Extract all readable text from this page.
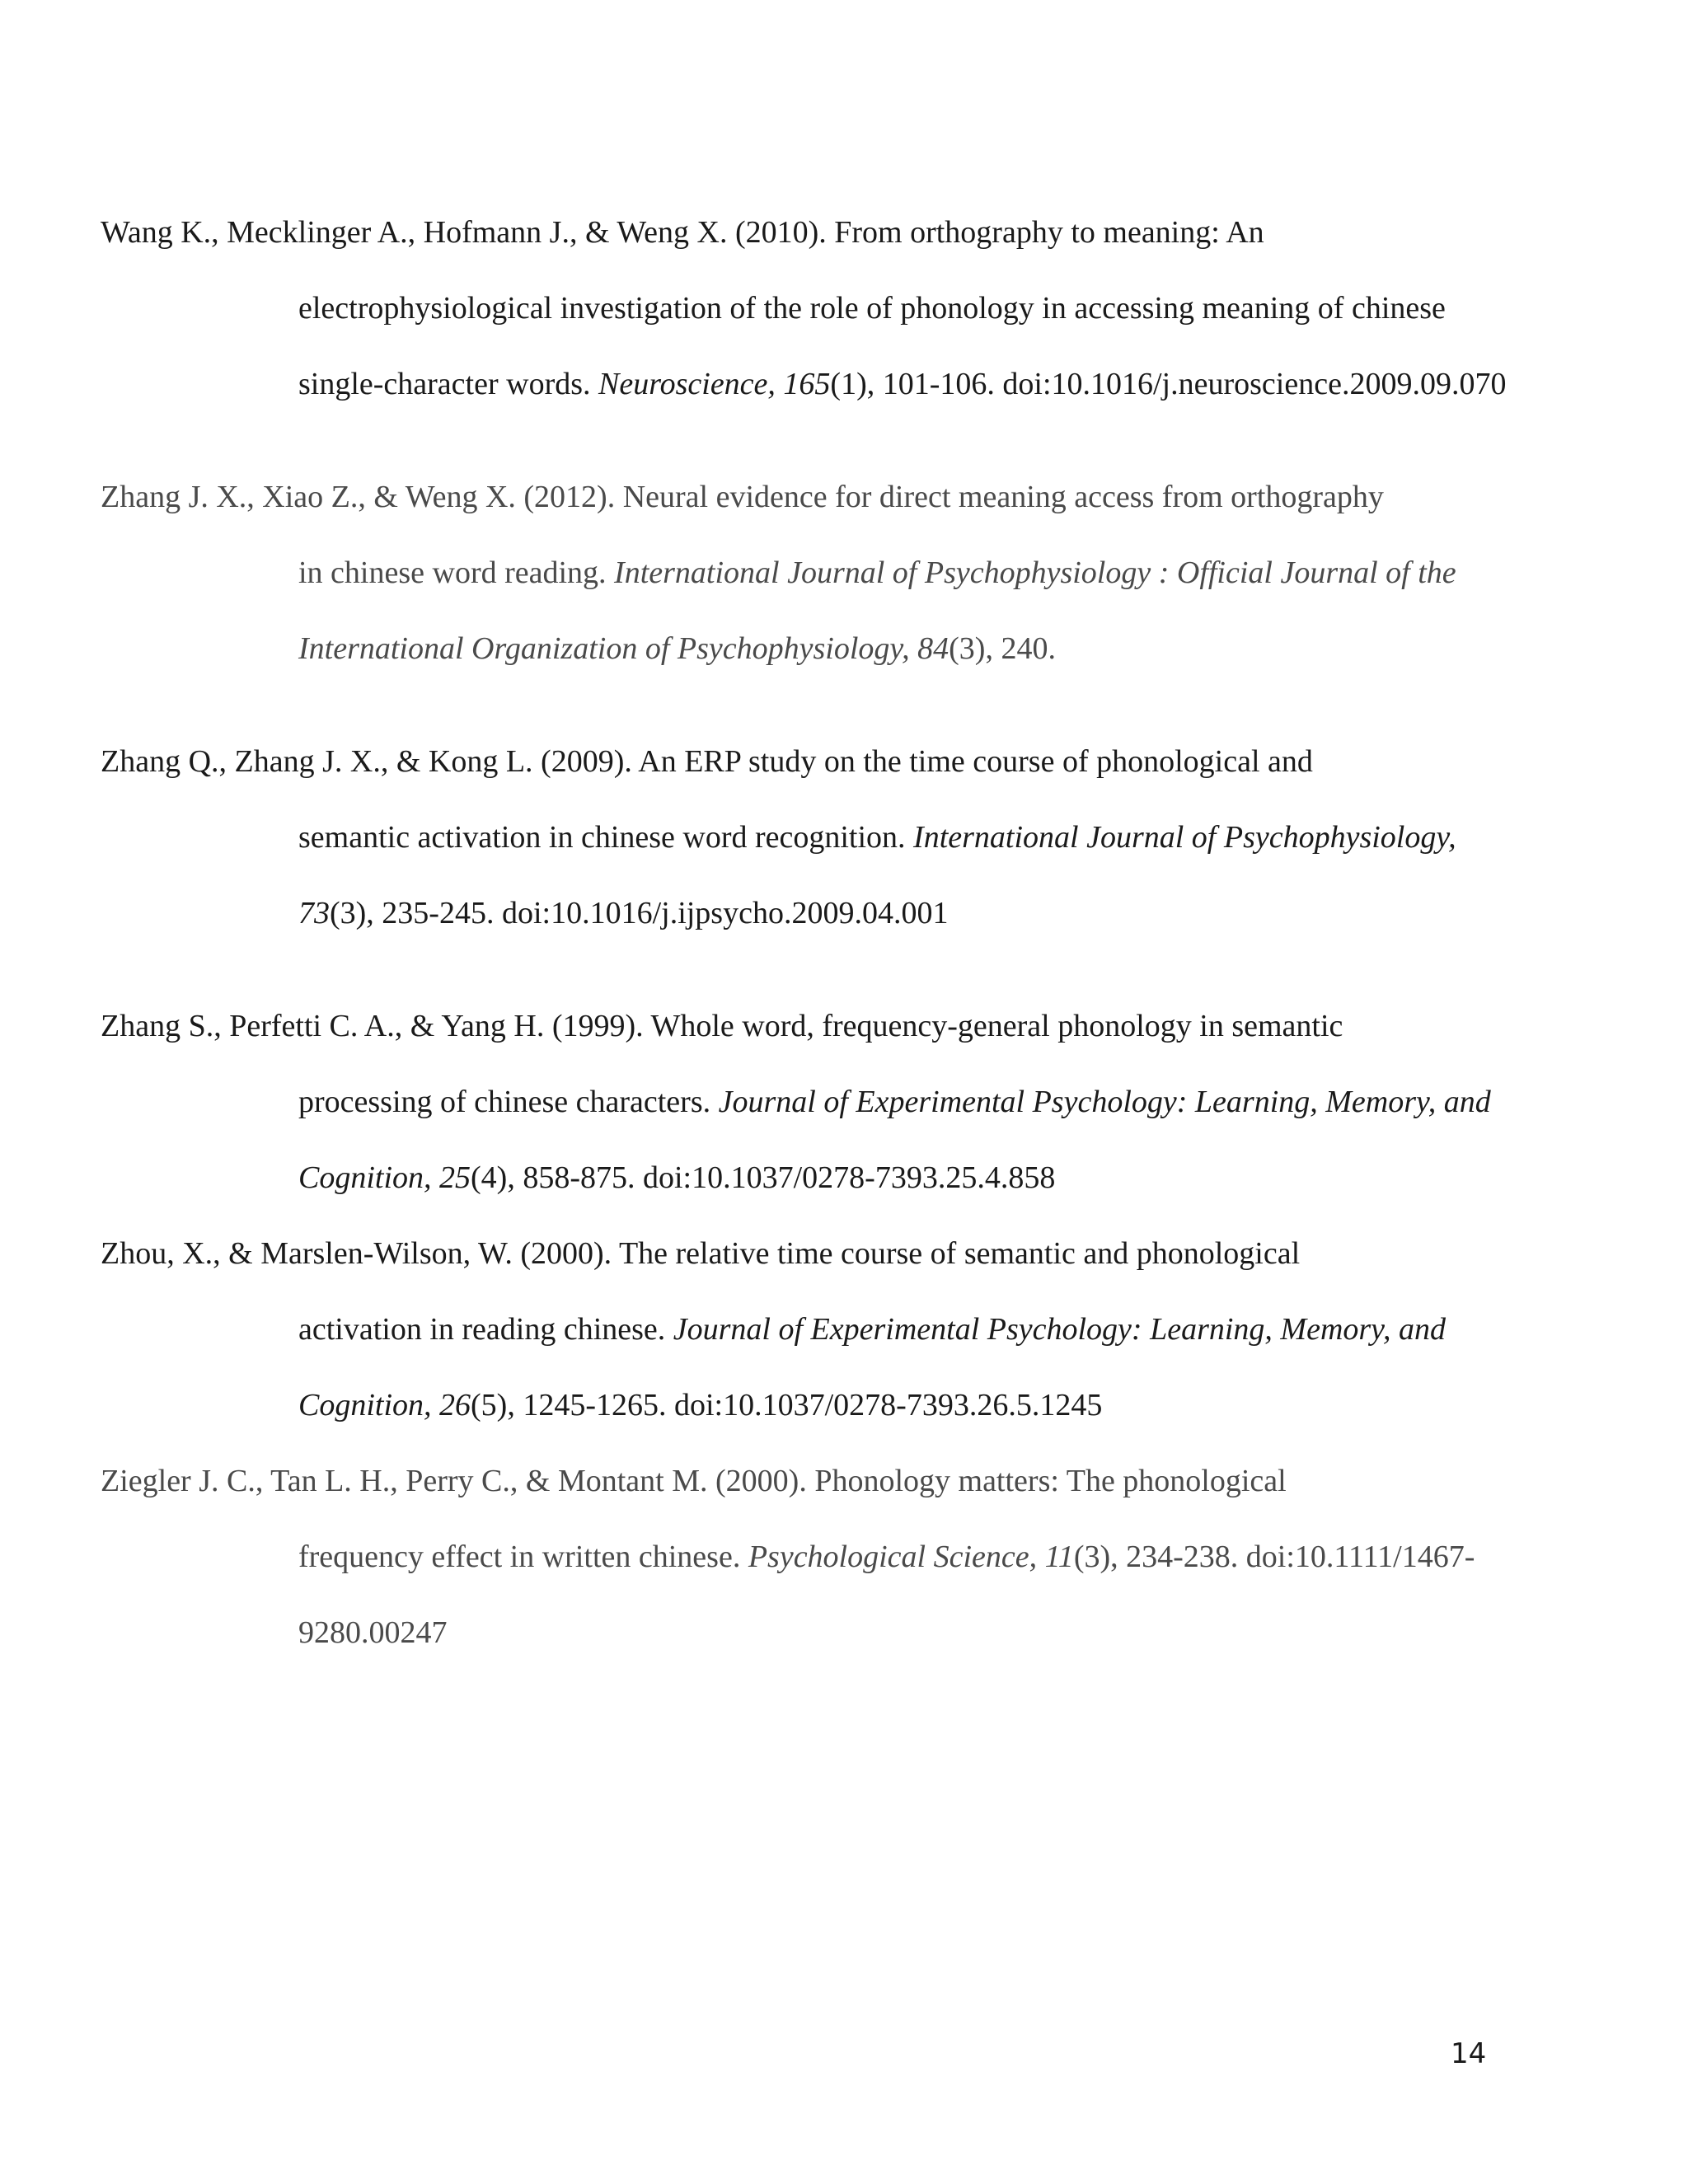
Wang K., Mecklinger A., Hofmann J., & Weng X. (2010). From orthography to meaning: An
electrophysiological investigation of the role of phonology in accessing meaning of chinese
single-character words. Neuroscience, 165(1), 101-106. doi:10.1016/j.neuroscience.2009.09.070
Zhang J. X., Xiao Z., & Weng X. (2012). Neural evidence for direct meaning access from orthography
in chinese word reading. International Journal of Psychophysiology : Official Journal of the
International Organization of Psychophysiology, 84(3), 240.
Zhang Q., Zhang J. X., & Kong L. (2009). An ERP study on the time course of phonological and
semantic activation in chinese word recognition. International Journal of Psychophysiology,
73(3), 235-245. doi:10.1016/j.ijpsycho.2009.04.001
Zhang S., Perfetti C. A., & Yang H. (1999). Whole word, frequency-general phonology in semantic
processing of chinese characters. Journal of Experimental Psychology: Learning, Memory, and
Cognition, 25(4), 858-875. doi:10.1037/0278-7393.25.4.858
Zhou, X., & Marslen-Wilson, W. (2000). The relative time course of semantic and phonological
activation in reading chinese. Journal of Experimental Psychology: Learning, Memory, and
Cognition, 26(5), 1245-1265. doi:10.1037/0278-7393.26.5.1245
Ziegler J. C., Tan L. H., Perry C., & Montant M. (2000). Phonology matters: The phonological
frequency effect in written chinese. Psychological Science, 11(3), 234-238. doi:10.1111/1467-
9280.00247
14
